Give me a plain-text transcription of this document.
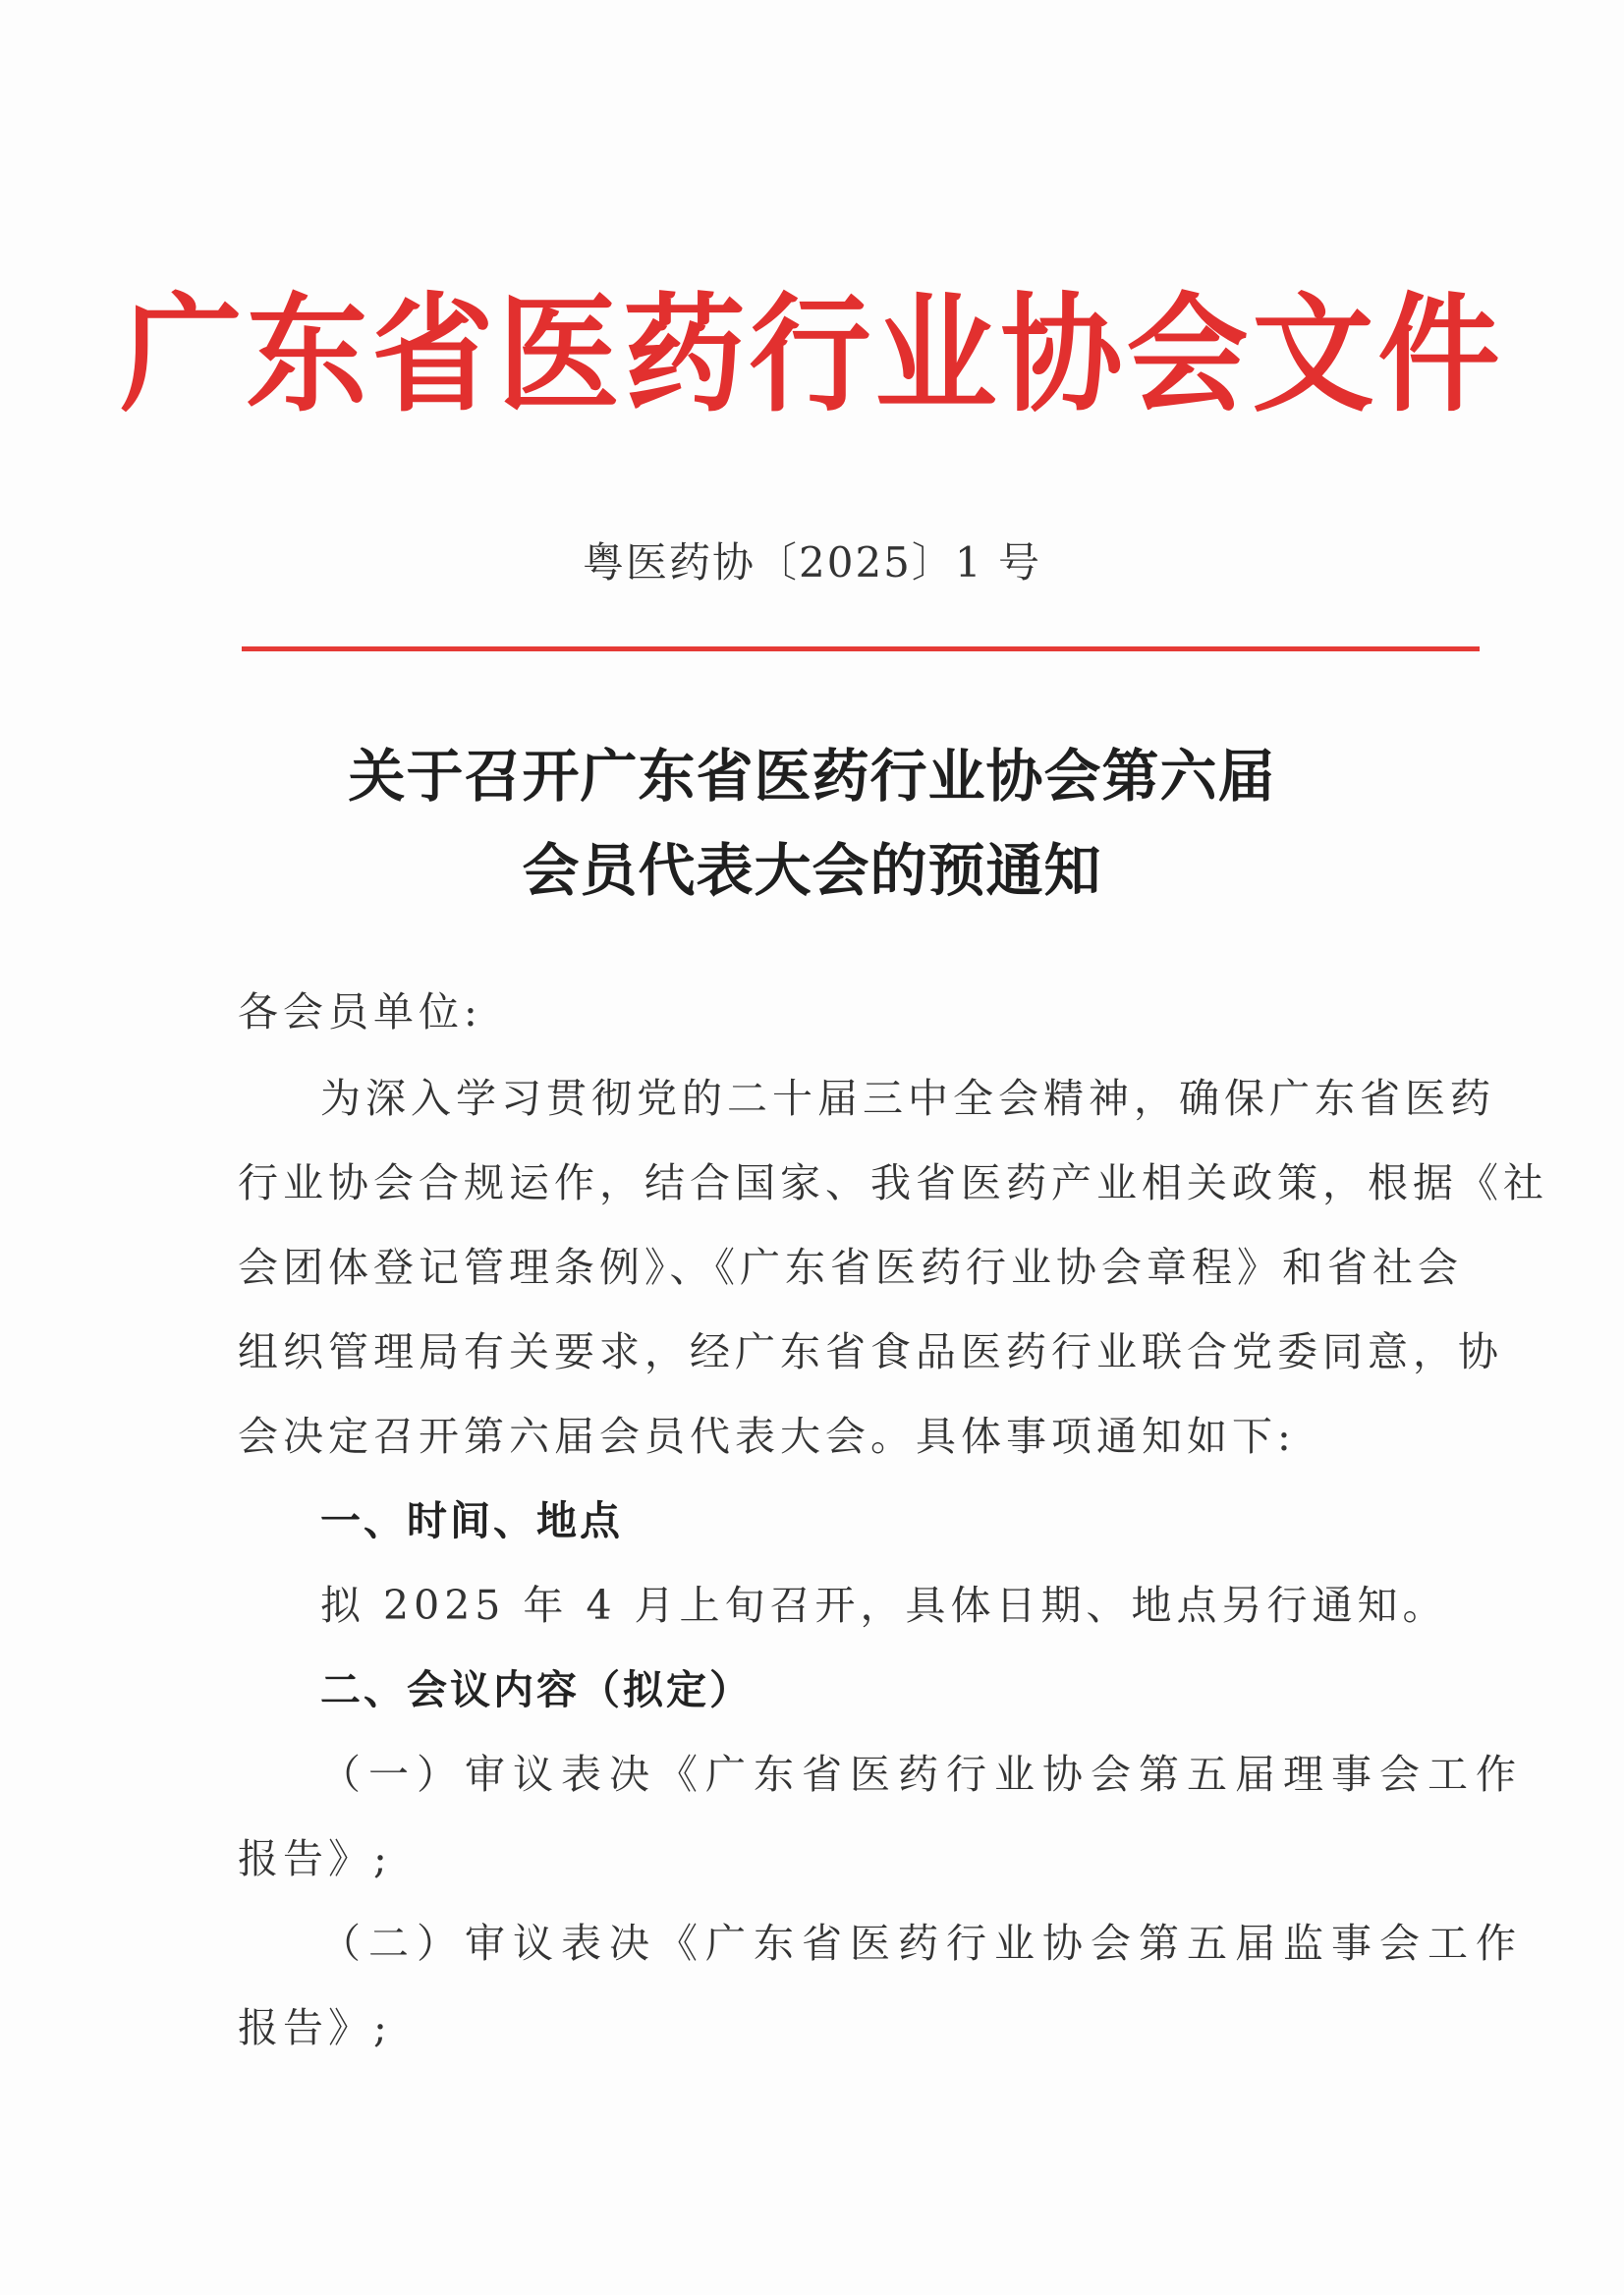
广东省医药行业协会文件
粤医药协〔2025〕1 号
关于召开广东省医药行业协会第六届
会员代表大会的预通知
各会员单位:
为深入学习贯彻党的二十届三中全会精神，确保广东省医药
行业协会合规运作，结合国家、我省医药产业相关政策，根据《社
会团体登记管理条例》、《广东省医药行业协会章程》和省社会
组织管理局有关要求，经广东省食品医药行业联合党委同意，协
会决定召开第六届会员代表大会。具体事项通知如下:
一、时间、地点
拟 2025 年 4 月上旬召开，具体日期、地点另行通知。
二、会议内容（拟定）
（一）审议表决《广东省医药行业协会第五届理事会工作
报告》;
（二）审议表决《广东省医药行业协会第五届监事会工作
报告》;
